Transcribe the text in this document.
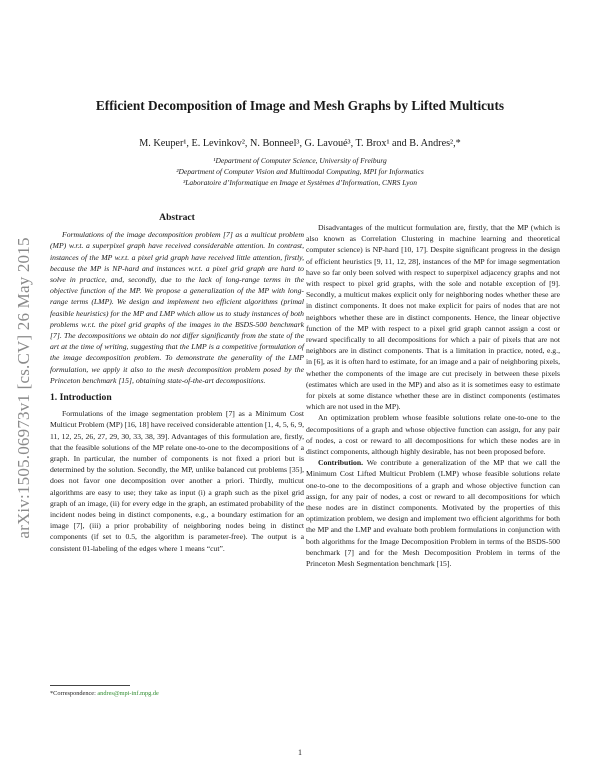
Efficient Decomposition of Image and Mesh Graphs by Lifted Multicuts
M. Keuper¹, E. Levinkov², N. Bonneel³, G. Lavoué³, T. Brox¹ and B. Andres²,*
¹Department of Computer Science, University of Freiburg
²Department of Computer Vision and Multimodal Computing, MPI for Informatics
³Laboratoire d’Informatique en Image et Systèmes d’Information, CNRS Lyon
arXiv:1505.06973v1 [cs.CV] 26 May 2015
Abstract

Formulations of the image decomposition problem [7] as a multicut problem (MP) w.r.t. a superpixel graph have received considerable attention. In contrast, instances of the MP w.r.t. a pixel grid graph have received little attention, firstly, because the MP is NP-hard and instances w.r.t. a pixel grid graph are hard to solve in practice, and, secondly, due to the lack of long-range terms in the objective function of the MP. We propose a generalization of the MP with long-range terms (LMP). We design and implement two efficient algorithms (primal feasible heuristics) for the MP and LMP which allow us to study instances of both problems w.r.t. the pixel grid graphs of the images in the BSDS-500 benchmark [7]. The decompositions we obtain do not differ significantly from the state of the art at the time of writing, suggesting that the LMP is a competitive formulation of the image decomposition problem. To demonstrate the generality of the LMP formulation, we apply it also to the mesh decomposition problem posed by the Princeton benchmark [15], obtaining state-of-the-art decompositions.

1. Introduction

Formulations of the image segmentation problem [7] as a Minimum Cost Multicut Problem (MP) [16, 18] have received considerable attention [1, 4, 5, 6, 9, 11, 12, 25, 26, 27, 29, 30, 33, 38, 39]. Advantages of this formulation are, firstly, that the feasible solutions of the MP relate one-to-one to the decompositions of a graph. In particular, the number of components is not fixed a priori but is determined by the solution. Secondly, the MP, unlike balanced cut problems [35], does not favor one decomposition over another a priori. Thirdly, multicut algorithms are easy to use; they take as input (i) a graph such as the pixel grid graph of an image, (ii) for every edge in the graph, an estimated probability of the incident nodes being in distinct components, e.g., a boundary estimation for an image [7], (iii) a prior probability of neighboring nodes being in distinct components (if set to 0.5, the algorithm is parameter-free). The output is a consistent 01-labeling of the edges where 1 means “cut”.

Disadvantages of the multicut formulation are, firstly, that the MP (which is also known as Correlation Clustering in machine learning and theoretical computer science) is NP-hard [10, 17]. Despite significant progress in the design of efficient heuristics [9, 11, 12, 28], instances of the MP for image segmentation have so far only been solved with respect to superpixel adjacency graphs and not with respect to pixel grid graphs, with the sole and notable exception of [9]. Secondly, a multicut makes explicit only for neighboring nodes whether these are in distinct components. It does not make explicit for pairs of nodes that are not neighbors whether these are in distinct components. Hence, the linear objective function of the MP with respect to a pixel grid graph cannot assign a cost or reward specifically to all decompositions for which a pair of pixels that are not neighbors are in distinct components. That is a limitation in practice, noted, e.g., in [6], as it is often hard to estimate, for an image and a pair of neighboring pixels, whether the components of the image are cut precisely in between these pixels (estimates which are used in the MP) and also as it is sometimes easy to estimate for pixels at some distance whether these are in distinct components (estimates which are not used in the MP).

An optimization problem whose feasible solutions relate one-to-one to the decompositions of a graph and whose objective function can assign, for any pair of nodes, a cost or reward to all decompositions for which these nodes are in distinct components, although highly desirable, has not been proposed before.

Contribution. We contribute a generalization of the MP that we call the Minimum Cost Lifted Multicut Problem (LMP) whose feasible solutions relate one-to-one to the decompositions of a graph and whose objective function can assign, for any pair of nodes, a cost or reward to all decompositions for which these nodes are in distinct components. Motivated by the properties of this optimization problem, we design and implement two efficient algorithms for both the MP and the LMP and evaluate both problem formulations in conjunction with both algorithms for the Image Decomposition Problem in terms of the BSDS-500 benchmark [7] and for the Mesh Decomposition Problem in terms of the Princeton Mesh Segmentation benchmark [15].

*Correspondence: andres@mpi-inf.mpg.de
1
